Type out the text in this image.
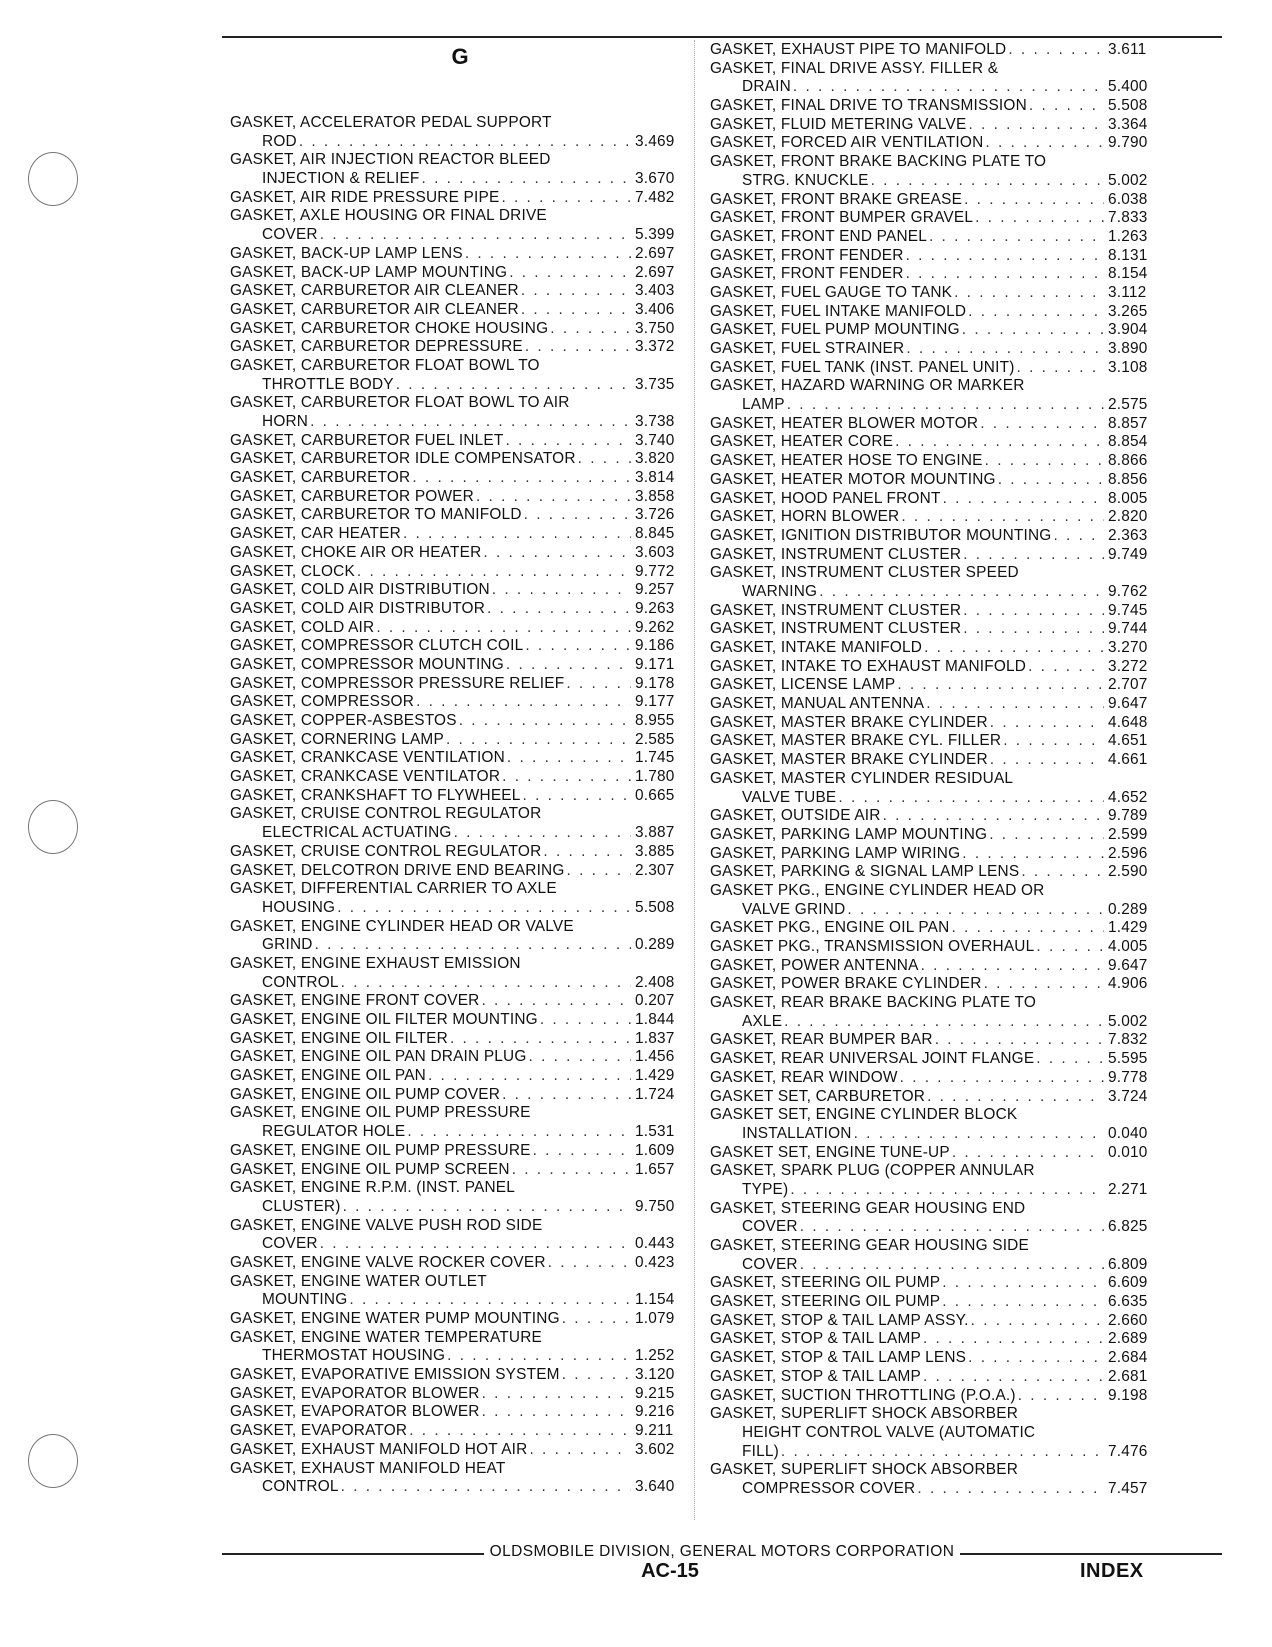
G
GASKET, ACCELERATOR PEDAL SUPPORT
ROD . . .	3.469
GASKET, AIR INJECTION REACTOR BLEED
INJECTION & RELIEF . . .	3.670
GASKET, AIR RIDE PRESSURE PIPE . . .	7.482
GASKET, AXLE HOUSING OR FINAL DRIVE
COVER . . .	5.399
GASKET, BACK-UP LAMP LENS . . .	2.697
GASKET, BACK-UP LAMP MOUNTING . . .	2.697
GASKET, CARBURETOR AIR CLEANER . . .	3.403
GASKET, CARBURETOR AIR CLEANER . . .	3.406
GASKET, CARBURETOR CHOKE HOUSING . . .	3.750
GASKET, CARBURETOR DEPRESSURE . . .	3.372
GASKET, CARBURETOR FLOAT BOWL TO
THROTTLE BODY . . .	3.735
GASKET, CARBURETOR FLOAT BOWL TO AIR
HORN . . .	3.738
GASKET, CARBURETOR FUEL INLET . . .	3.740
GASKET, CARBURETOR IDLE COMPENSATOR . . .	3.820
GASKET, CARBURETOR . . .	3.814
GASKET, CARBURETOR POWER . . .	3.858
GASKET, CARBURETOR TO MANIFOLD . . .	3.726
GASKET, CAR HEATER . . .	8.845
GASKET, CHOKE AIR OR HEATER . . .	3.603
GASKET, CLOCK . . .	9.772
GASKET, COLD AIR DISTRIBUTION . . .	9.257
GASKET, COLD AIR DISTRIBUTOR . . .	9.263
GASKET, COLD AIR . . .	9.262
GASKET, COMPRESSOR CLUTCH COIL . . .	9.186
GASKET, COMPRESSOR MOUNTING . . .	9.171
GASKET, COMPRESSOR PRESSURE RELIEF . . .	9.178
GASKET, COMPRESSOR . . .	9.177
GASKET, COPPER-ASBESTOS . . .	8.955
GASKET, CORNERING LAMP . . .	2.585
GASKET, CRANKCASE VENTILATION . . .	1.745
GASKET, CRANKCASE VENTILATOR . . .	1.780
GASKET, CRANKSHAFT TO FLYWHEEL . . .	0.665
GASKET, CRUISE CONTROL REGULATOR
ELECTRICAL ACTUATING . . .	3.887
GASKET, CRUISE CONTROL REGULATOR . . .	3.885
GASKET, DELCOTRON DRIVE END BEARING . . .	2.307
GASKET, DIFFERENTIAL CARRIER TO AXLE
HOUSING . . .	5.508
GASKET, ENGINE CYLINDER HEAD OR VALVE
GRIND . . .	0.289
GASKET, ENGINE EXHAUST EMISSION
CONTROL . . .	2.408
GASKET, ENGINE FRONT COVER . . .	0.207
GASKET, ENGINE OIL FILTER MOUNTING . . .	1.844
GASKET, ENGINE OIL FILTER . . .	1.837
GASKET, ENGINE OIL PAN DRAIN PLUG . . .	1.456
GASKET, ENGINE OIL PAN . . .	1.429
GASKET, ENGINE OIL PUMP COVER . . .	1.724
GASKET, ENGINE OIL PUMP PRESSURE
REGULATOR HOLE . . .	1.531
GASKET, ENGINE OIL PUMP PRESSURE . . .	1.609
GASKET, ENGINE OIL PUMP SCREEN . . .	1.657
GASKET, ENGINE R.P.M. (INST. PANEL
CLUSTER) . . .	9.750
GASKET, ENGINE VALVE PUSH ROD SIDE
COVER . . .	0.443
GASKET, ENGINE VALVE ROCKER COVER . . .	0.423
GASKET, ENGINE WATER OUTLET
MOUNTING . . .	1.154
GASKET, ENGINE WATER PUMP MOUNTING . . .	1.079
GASKET, ENGINE WATER TEMPERATURE
THERMOSTAT HOUSING . . .	1.252
GASKET, EVAPORATIVE EMISSION SYSTEM . . .	3.120
GASKET, EVAPORATOR BLOWER . . .	9.215
GASKET, EVAPORATOR BLOWER . . .	9.216
GASKET, EVAPORATOR . . .	9.211
GASKET, EXHAUST MANIFOLD HOT AIR . . .	3.602
GASKET, EXHAUST MANIFOLD HEAT
CONTROL . . .	3.640
GASKET, EXHAUST PIPE TO MANIFOLD . . .	3.611
GASKET, FINAL DRIVE ASSY. FILLER &
DRAIN . . .	5.400
GASKET, FINAL DRIVE TO TRANSMISSION . . .	5.508
GASKET, FLUID METERING VALVE . . .	3.364
GASKET, FORCED AIR VENTILATION . . .	9.790
GASKET, FRONT BRAKE BACKING PLATE TO
STRG. KNUCKLE . . .	5.002
GASKET, FRONT BRAKE GREASE . . .	6.038
GASKET, FRONT BUMPER GRAVEL . . .	7.833
GASKET, FRONT END PANEL . . .	1.263
GASKET, FRONT FENDER . . .	8.131
GASKET, FRONT FENDER . . .	8.154
GASKET, FUEL GAUGE TO TANK . . .	3.112
GASKET, FUEL INTAKE MANIFOLD . . .	3.265
GASKET, FUEL PUMP MOUNTING . . .	3.904
GASKET, FUEL STRAINER . . .	3.890
GASKET, FUEL TANK (INST. PANEL UNIT) . . .	3.108
GASKET, HAZARD WARNING OR MARKER
LAMP . . .	2.575
GASKET, HEATER BLOWER MOTOR . . .	8.857
GASKET, HEATER CORE . . .	8.854
GASKET, HEATER HOSE TO ENGINE . . .	8.866
GASKET, HEATER MOTOR MOUNTING . . .	8.856
GASKET, HOOD PANEL FRONT . . .	8.005
GASKET, HORN BLOWER . . .	2.820
GASKET, IGNITION DISTRIBUTOR MOUNTING . . .	2.363
GASKET, INSTRUMENT CLUSTER . . .	9.749
GASKET, INSTRUMENT CLUSTER SPEED
WARNING . . .	9.762
GASKET, INSTRUMENT CLUSTER . . .	9.745
GASKET, INSTRUMENT CLUSTER . . .	9.744
GASKET, INTAKE MANIFOLD . . .	3.270
GASKET, INTAKE TO EXHAUST MANIFOLD . . .	3.272
GASKET, LICENSE LAMP . . .	2.707
GASKET, MANUAL ANTENNA . . .	9.647
GASKET, MASTER BRAKE CYLINDER . . .	4.648
GASKET, MASTER BRAKE CYL. FILLER . . .	4.651
GASKET, MASTER BRAKE CYLINDER . . .	4.661
GASKET, MASTER CYLINDER RESIDUAL
VALVE TUBE . . .	4.652
GASKET, OUTSIDE AIR . . .	9.789
GASKET, PARKING LAMP MOUNTING . . .	2.599
GASKET, PARKING LAMP WIRING . . .	2.596
GASKET, PARKING & SIGNAL LAMP LENS . . .	2.590
GASKET PKG., ENGINE CYLINDER HEAD OR
VALVE GRIND . . .	0.289
GASKET PKG., ENGINE OIL PAN . . .	1.429
GASKET PKG., TRANSMISSION OVERHAUL . . .	4.005
GASKET, POWER ANTENNA . . .	9.647
GASKET, POWER BRAKE CYLINDER . . .	4.906
GASKET, REAR BRAKE BACKING PLATE TO
AXLE . . .	5.002
GASKET, REAR BUMPER BAR . . .	7.832
GASKET, REAR UNIVERSAL JOINT FLANGE . . .	5.595
GASKET, REAR WINDOW . . .	9.778
GASKET SET, CARBURETOR . . .	3.724
GASKET SET, ENGINE CYLINDER BLOCK
INSTALLATION . . .	0.040
GASKET SET, ENGINE TUNE-UP . . .	0.010
GASKET, SPARK PLUG (COPPER ANNULAR
TYPE) . . .	2.271
GASKET, STEERING GEAR HOUSING END
COVER . . .	6.825
GASKET, STEERING GEAR HOUSING SIDE
COVER . . .	6.809
GASKET, STEERING OIL PUMP . . .	6.609
GASKET, STEERING OIL PUMP . . .	6.635
GASKET, STOP & TAIL LAMP ASSY. . . .	2.660
GASKET, STOP & TAIL LAMP . . .	2.689
GASKET, STOP & TAIL LAMP LENS . . .	2.684
GASKET, STOP & TAIL LAMP . . .	2.681
GASKET, SUCTION THROTTLING (P.O.A.) . . .	9.198
GASKET, SUPERLIFT SHOCK ABSORBER
HEIGHT CONTROL VALVE (AUTOMATIC
FILL) . . .	7.476
GASKET, SUPERLIFT SHOCK ABSORBER
COMPRESSOR COVER . . .	7.457
OLDSMOBILE DIVISION, GENERAL MOTORS CORPORATION
AC-15	INDEX
